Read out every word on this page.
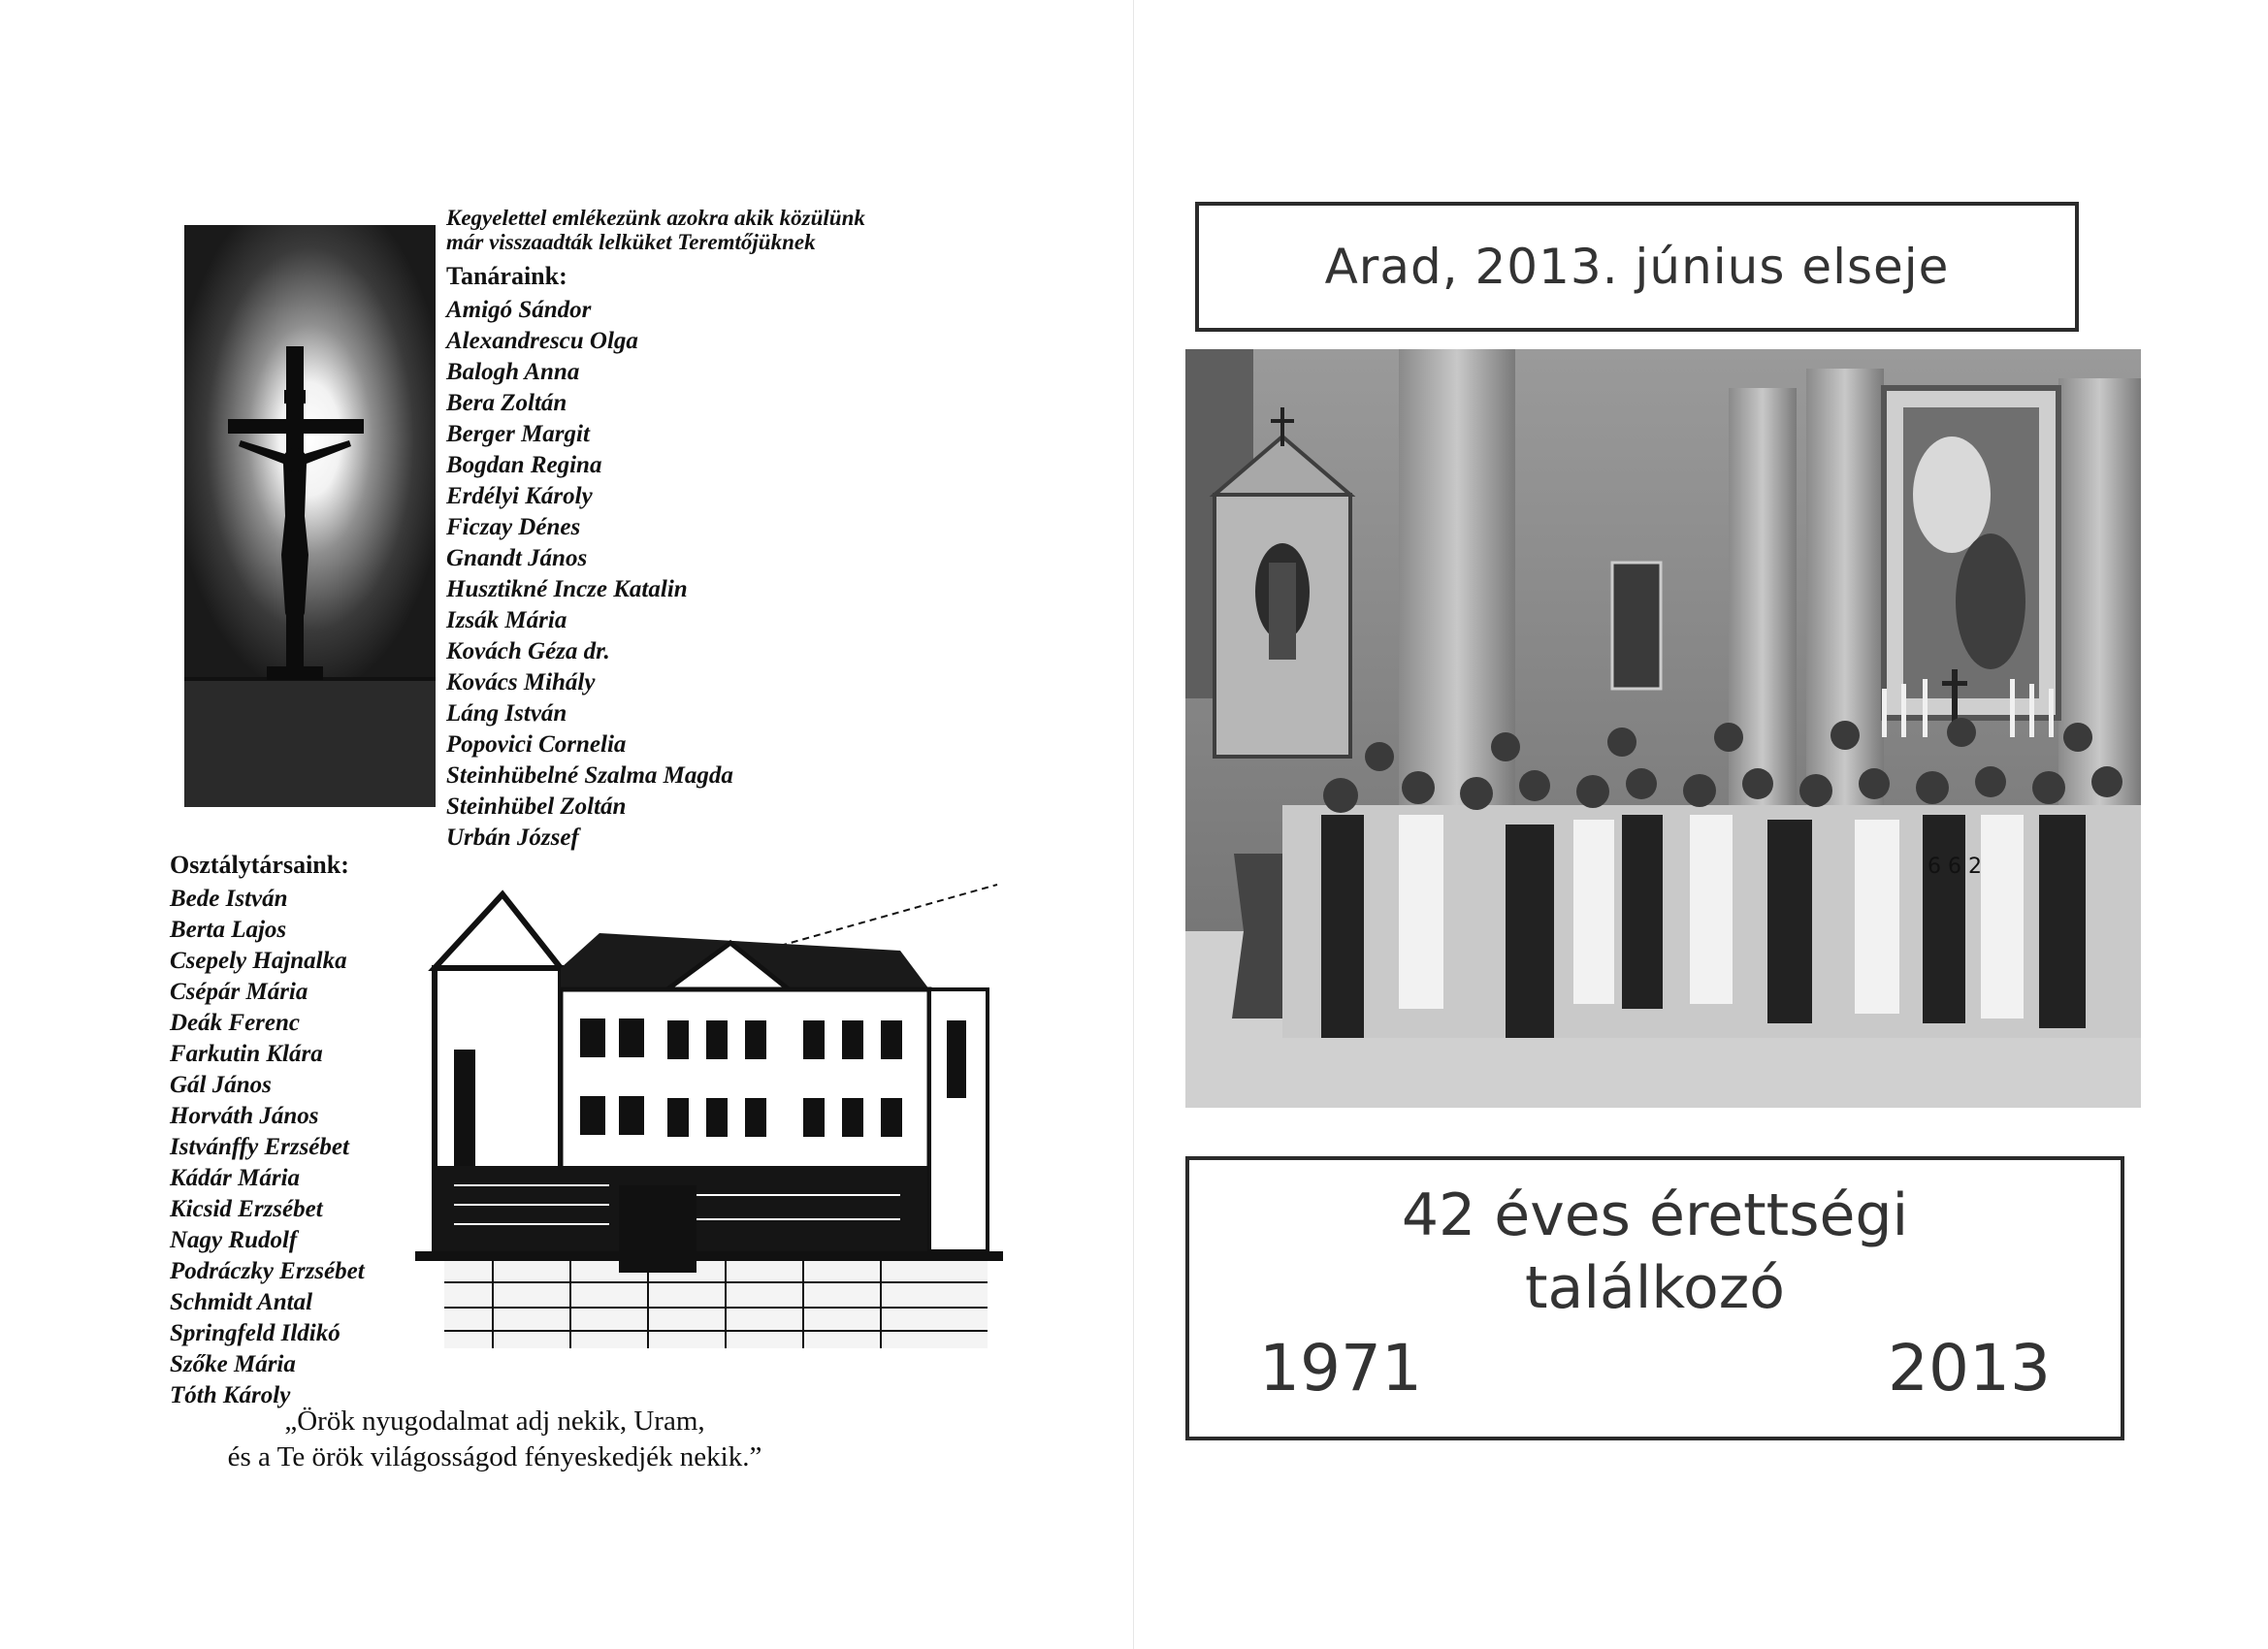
Kegyelettel emlékezünk azokra akik közülünk
már visszaadták lelküket Teremtőjüknek
Tanáraink:
Amigó Sándor
Alexandrescu Olga
Balogh Anna
Bera Zoltán
Berger Margit
Bogdan Regina
Erdélyi Károly
Ficzay Dénes
Gnandt János
Husztikné Incze Katalin
Izsák Mária
Kovách Géza dr.
Kovács Mihály
Láng István
Popovici Cornelia
Steinhübelné Szalma Magda
Steinhübel Zoltán
Urbán József
Osztálytársaink:
Bede István
Berta Lajos
Csepely Hajnalka
Csépár Mária
Deák Ferenc
Farkutin Klára
Gál János
Horváth János
Istvánffy Erzsébet
Kádár Mária
Kicsid Erzsébet
Nagy Rudolf
Podráczky Erzsébet
Schmidt Antal
Springfeld Ildikó
Szőke Mária
Tóth Károly
„Örök nyugodalmat adj nekik, Uram,
és a Te örök világosságod fényeskedjék nekik.”
Arad, 2013. június elseje
6 6 2
42 éves érettségi
találkozó
1971	2013
